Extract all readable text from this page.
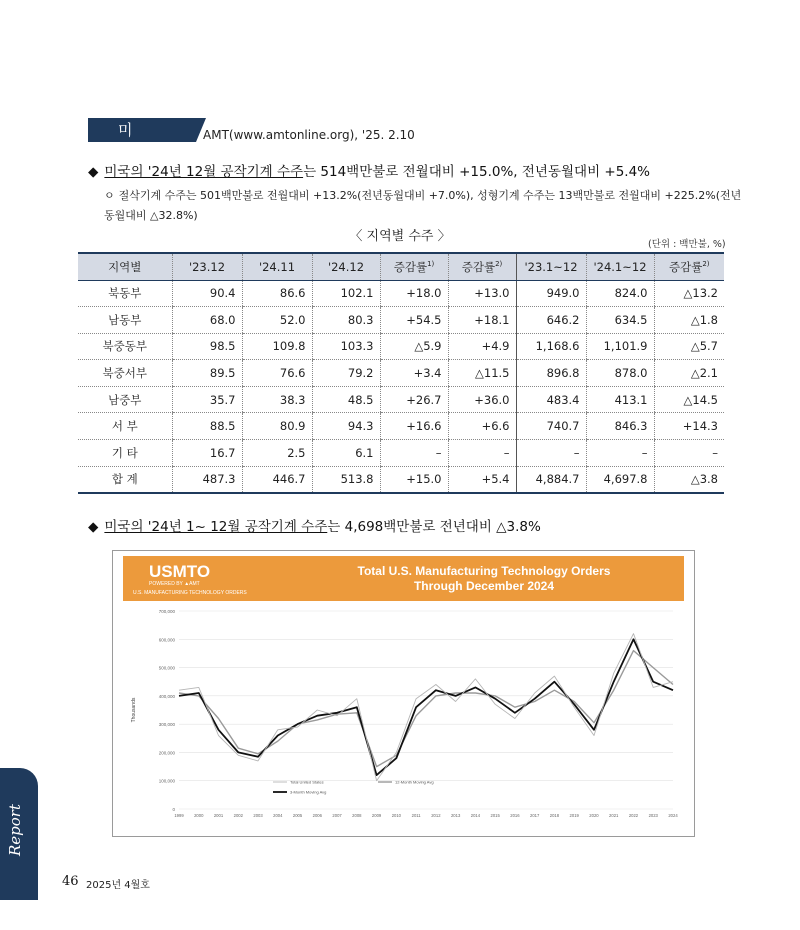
미 국
AMT(www.amtonline.org), '25. 2.10
◆ 미국의 '24년 12월 공작기계 수주는 514백만불로 전월대비 +15.0%, 전년동월대비 +5.4%
ㅇ 절삭기계 수주는 501백만불로 전월대비 +13.2%(전년동월대비 +7.0%), 성형기계 수주는 13백만불로 전월대비 +225.2%(전년동월대비 △32.8%)
〈 지역별 수주 〉
(단위 : 백만불, %)
지역별	'23.12	'24.11	'24.12	증감률$^{1)}$	증감률$^{2)}$	'23.1~12	'24.1~12	증감률$^{2)}$
북동부	90.4	86.6	102.1	+18.0	+13.0	949.0	824.0	△13.2
남동부	68.0	52.0	80.3	+54.5	+18.1	646.2	634.5	△1.8
북중동부	98.5	109.8	103.3	△5.9	+4.9	1,168.6	1,101.9	△5.7
북중서부	89.5	76.6	79.2	+3.4	△11.5	896.8	878.0	△2.1
남중부	35.7	38.3	48.5	+26.7	+36.0	483.4	413.1	△14.5
서 부	88.5	80.9	94.3	+16.6	+6.6	740.7	846.3	+14.3
기 타	16.7	2.5	6.1	–	–	–	–	–
합 계	487.3	446.7	513.8	+15.0	+5.4	4,884.7	4,697.8	△3.8
◆ 미국의 '24년 1~ 12월 공작기계 수주는 4,698백만불로 전년대비 △3.8%
USMTO
POWERED BY ▲AMT
U.S. MANUFACTURING TECHNOLOGY ORDERS
Total U.S. Manufacturing Technology Orders
Through December 2024
0
100,000
200,000
300,000
400,000
500,000
600,000
700,000
1999 2000 2001 2002 2003 2004 2005 2006 2007 2008 2009 2010	2011	2012 2013 2014 2015 2016 2017 2018 2019 2020 2021 2022 2023 2024
Thousands
Total United States	12-Month Moving Avg
3-Month Moving Avg
Report
46 2025년 4월호
